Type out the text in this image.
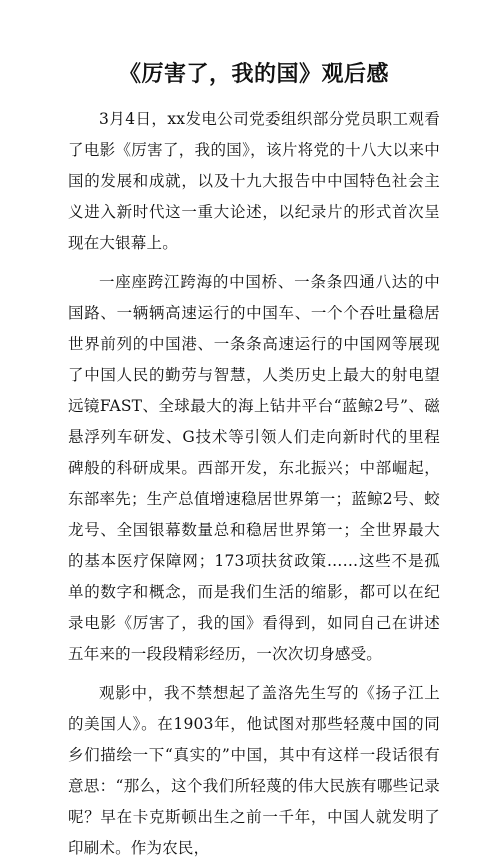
《厉害了，我的国》观后感

3月4日，xx发电公司党委组织部分党员职工观看了电影《厉害了，我的国》，该片将党的十八大以来中国的发展和成就，以及十九大报告中中国特色社会主义进入新时代这一重大论述，以纪录片的形式首次呈现在大银幕上。

一座座跨江跨海的中国桥、一条条四通八达的中国路、一辆辆高速运行的中国车、一个个吞吐量稳居世界前列的中国港、一条条高速运行的中国网等展现了中国人民的勤劳与智慧，人类历史上最大的射电望远镜FAST、全球最大的海上钻井平台“蓝鲸2号”、磁悬浮列车研发、G技术等引领人们走向新时代的里程碑般的科研成果。西部开发，东北振兴；中部崛起，东部率先；生产总值增速稳居世界第一；蓝鲸2号、蛟龙号、全国银幕数量总和稳居世界第一；全世界最大的基本医疗保障网；173项扶贫政策……这些不是孤单的数字和概念，而是我们生活的缩影，都可以在纪录电影《厉害了，我的国》看得到，如同自己在讲述五年来的一段段精彩经历，一次次切身感受。

观影中，我不禁想起了盖洛先生写的《扬子江上的美国人》。在1903年，他试图对那些轻蔑中国的同乡们描绘一下“真实的”中国，其中有这样一段话很有意思：“那么，这个我们所轻蔑的伟大民族有哪些记录呢？早在卡克斯顿出生之前一千年，中国人就发明了印刷术。作为农民，
